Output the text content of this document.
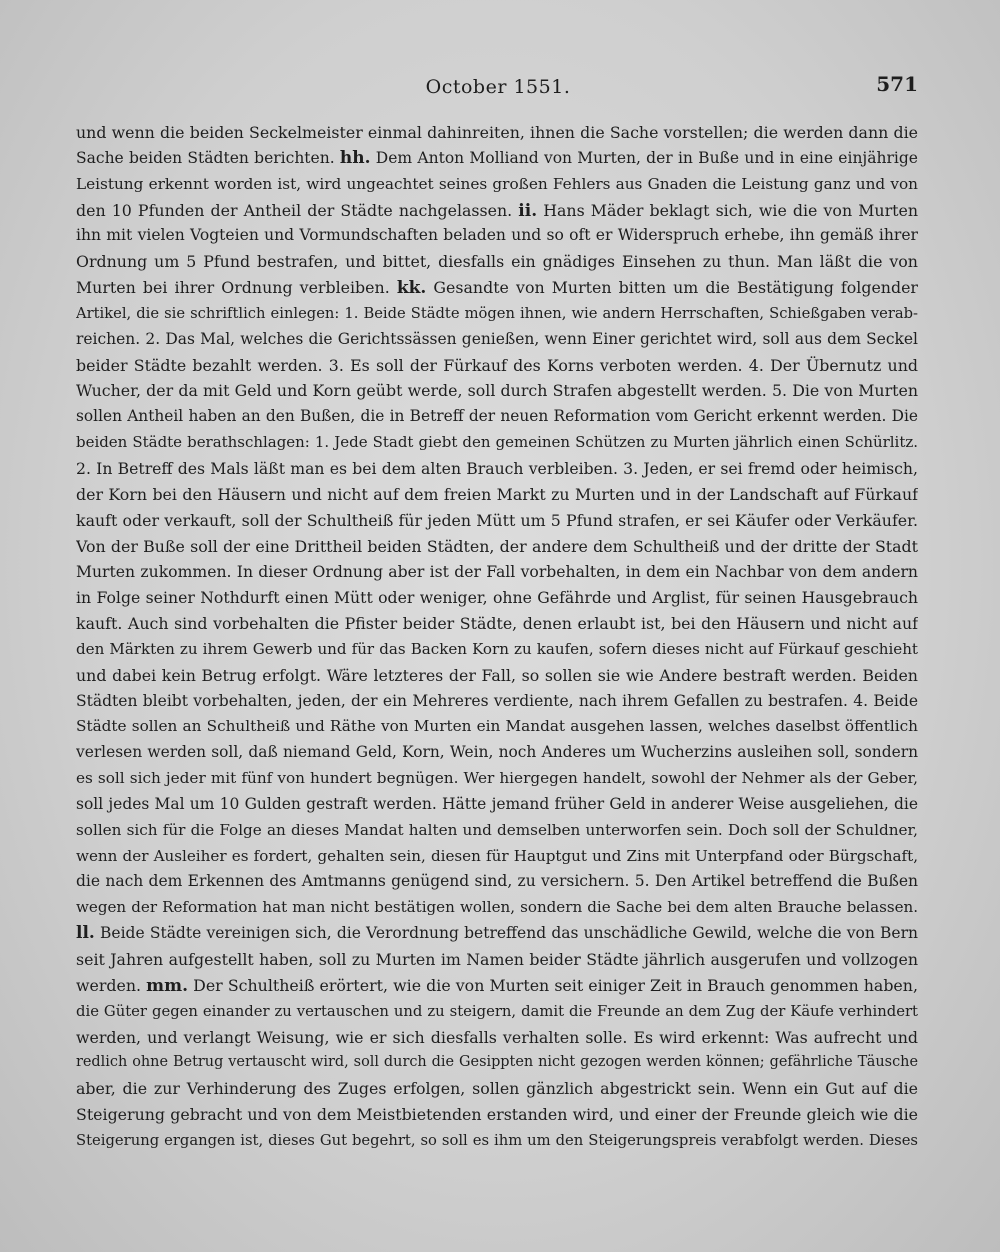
October 1551.	571
und wenn die beiden Seckelmeister einmal dahinreiten, ihnen die Sache vorstellen; die werden dann die
Sache beiden Städten berichten. hh. Dem Anton Molliand von Murten, der in Buße und in eine einjährige
Leistung erkennt worden ist, wird ungeachtet seines großen Fehlers aus Gnaden die Leistung ganz und von
den 10 Pfunden der Antheil der Städte nachgelassen. ii. Hans Mäder beklagt sich, wie die von Murten
ihn mit vielen Vogteien und Vormundschaften beladen und so oft er Widerspruch erhebe, ihn gemäß ihrer
Ordnung um 5 Pfund bestrafen, und bittet, diesfalls ein gnädiges Einsehen zu thun. Man läßt die von
Murten bei ihrer Ordnung verbleiben. kk. Gesandte von Murten bitten um die Bestätigung folgender
Artikel, die sie schriftlich einlegen: 1. Beide Städte mögen ihnen, wie andern Herrschaften, Schießgaben verab-
reichen. 2. Das Mal, welches die Gerichtssässen genießen, wenn Einer gerichtet wird, soll aus dem Seckel
beider Städte bezahlt werden. 3. Es soll der Fürkauf des Korns verboten werden. 4. Der Übernutz und
Wucher, der da mit Geld und Korn geübt werde, soll durch Strafen abgestellt werden. 5. Die von Murten
sollen Antheil haben an den Bußen, die in Betreff der neuen Reformation vom Gericht erkennt werden. Die
beiden Städte berathschlagen: 1. Jede Stadt giebt den gemeinen Schützen zu Murten jährlich einen Schürlitz.
2. In Betreff des Mals läßt man es bei dem alten Brauch verbleiben. 3. Jeden, er sei fremd oder heimisch,
der Korn bei den Häusern und nicht auf dem freien Markt zu Murten und in der Landschaft auf Fürkauf
kauft oder verkauft, soll der Schultheiß für jeden Mütt um 5 Pfund strafen, er sei Käufer oder Verkäufer.
Von der Buße soll der eine Drittheil beiden Städten, der andere dem Schultheiß und der dritte der Stadt
Murten zukommen. In dieser Ordnung aber ist der Fall vorbehalten, in dem ein Nachbar von dem andern
in Folge seiner Nothdurft einen Mütt oder weniger, ohne Gefährde und Arglist, für seinen Hausgebrauch
kauft. Auch sind vorbehalten die Pfister beider Städte, denen erlaubt ist, bei den Häusern und nicht auf
den Märkten zu ihrem Gewerb und für das Backen Korn zu kaufen, sofern dieses nicht auf Fürkauf geschieht
und dabei kein Betrug erfolgt. Wäre letzteres der Fall, so sollen sie wie Andere bestraft werden. Beiden
Städten bleibt vorbehalten, jeden, der ein Mehreres verdiente, nach ihrem Gefallen zu bestrafen. 4. Beide
Städte sollen an Schultheiß und Räthe von Murten ein Mandat ausgehen lassen, welches daselbst öffentlich
verlesen werden soll, daß niemand Geld, Korn, Wein, noch Anderes um Wucherzins ausleihen soll, sondern
es soll sich jeder mit fünf von hundert begnügen. Wer hiergegen handelt, sowohl der Nehmer als der Geber,
soll jedes Mal um 10 Gulden gestraft werden. Hätte jemand früher Geld in anderer Weise ausgeliehen, die
sollen sich für die Folge an dieses Mandat halten und demselben unterworfen sein. Doch soll der Schuldner,
wenn der Ausleiher es fordert, gehalten sein, diesen für Hauptgut und Zins mit Unterpfand oder Bürgschaft,
die nach dem Erkennen des Amtmanns genügend sind, zu versichern. 5. Den Artikel betreffend die Bußen
wegen der Reformation hat man nicht bestätigen wollen, sondern die Sache bei dem alten Brauche belassen.
ll. Beide Städte vereinigen sich, die Verordnung betreffend das unschädliche Gewild, welche die von Bern
seit Jahren aufgestellt haben, soll zu Murten im Namen beider Städte jährlich ausgerufen und vollzogen
werden. mm. Der Schultheiß erörtert, wie die von Murten seit einiger Zeit in Brauch genommen haben,
die Güter gegen einander zu vertauschen und zu steigern, damit die Freunde an dem Zug der Käufe verhindert
werden, und verlangt Weisung, wie er sich diesfalls verhalten solle. Es wird erkennt: Was aufrecht und
redlich ohne Betrug vertauscht wird, soll durch die Gesippten nicht gezogen werden können; gefährliche Täusche
aber, die zur Verhinderung des Zuges erfolgen, sollen gänzlich abgestrickt sein. Wenn ein Gut auf die
Steigerung gebracht und von dem Meistbietenden erstanden wird, und einer der Freunde gleich wie die
Steigerung ergangen ist, dieses Gut begehrt, so soll es ihm um den Steigerungspreis verabfolgt werden. Dieses
